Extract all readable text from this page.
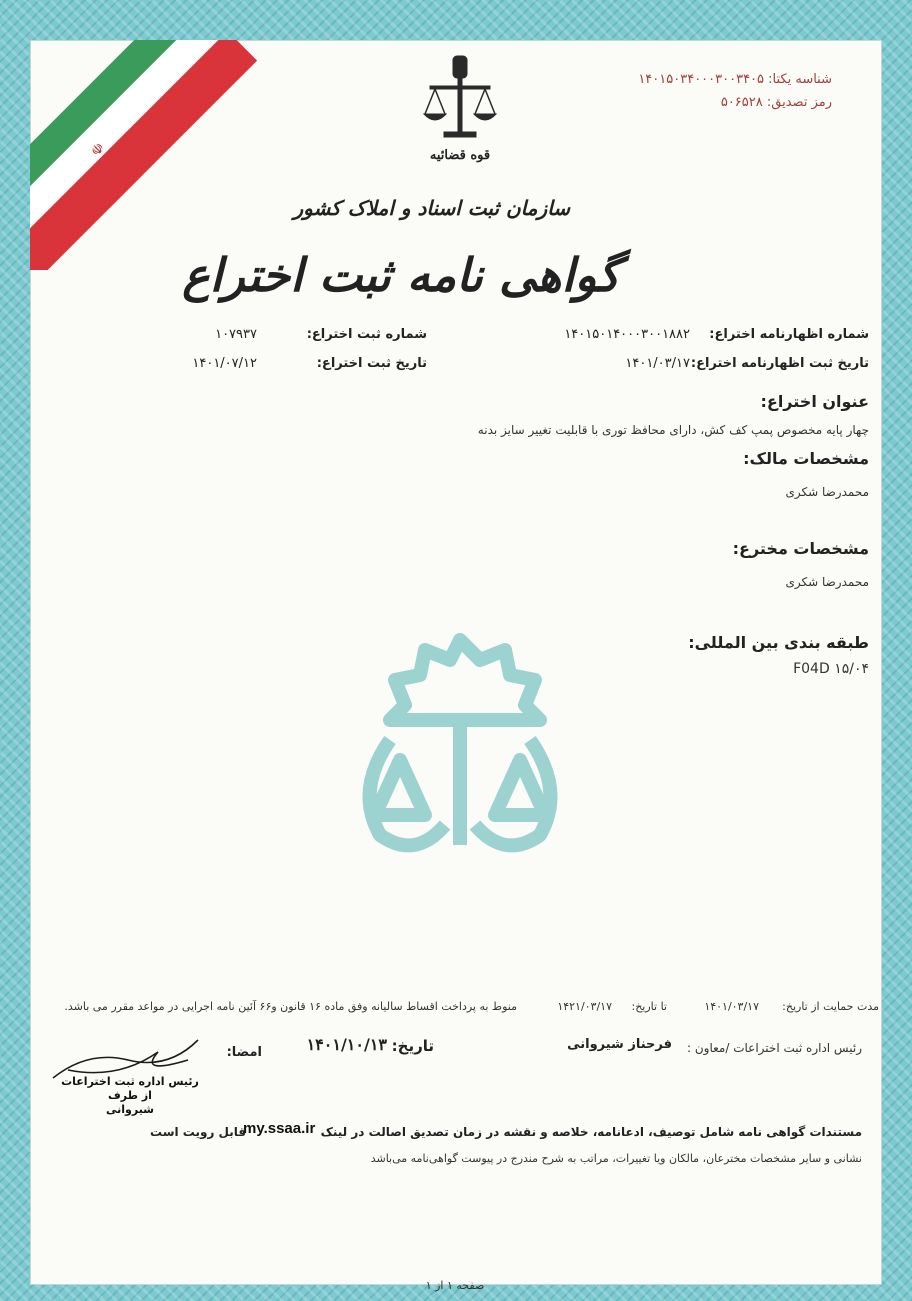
☫
شناسه یکتا: ۱۴۰۱۵۰۳۴۰۰۰۳۰۰۳۴۰۵
رمز تصدیق: ۵۰۶۵۲۸
قوه قضائیه
سازمان ثبت اسناد و املاک کشور
گواهی نامه ثبت اختراع
شماره اظهارنامه اختراع:
۱۴۰۱۵۰۱۴۰۰۰۳۰۰۱۸۸۲
شماره ثبت اختراع:
۱۰۷۹۳۷
تاریخ ثبت اظهارنامه اختراع:
۱۴۰۱/۰۳/۱۷
تاریخ ثبت اختراع:
۱۴۰۱/۰۷/۱۲
عنوان اختراع:
چهار پایه مخصوص پمپ کف کش، دارای محافظ توری با قابلیت تغییر سایز بدنه
مشخصات مالک:
محمدرضا شکری
مشخصات مخترع:
محمدرضا شکری
طبقه بندی بین المللی:
F04D ۱۵/۰۴
مدت حمایت از تاریخ:
۱۴۰۱/۰۳/۱۷
تا تاریخ:
۱۴۲۱/۰۳/۱۷
منوط به پرداخت اقساط سالیانه وفق ماده ۱۶ قانون و۶۶ آئین نامه اجرایی در مواعد مقرر می باشد.
رئیس اداره ثبت اختراعات /معاون :
فرحناز شیروانی
تاریخ:
۱۴۰۱/۱۰/۱۳
امضا:
رئیس اداره ثبت اختراعات
از طرف
شیروانی
مستندات گواهی نامه شامل توصیف، ادعانامه، خلاصه و نقشه در زمان تصدیق اصالت در لینک
my.ssaa.ir
قابل رویت است
نشانی و سایر مشخصات مخترعان، مالکان ویا تغییرات، مراتب به شرح مندرج در پیوست گواهی‌نامه می‌باشد
صفحه ۱ از ۱
